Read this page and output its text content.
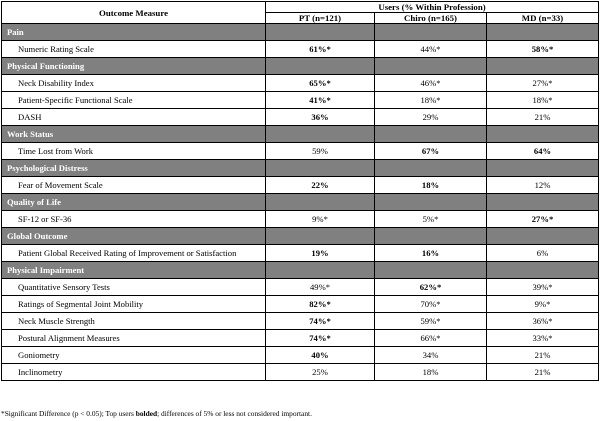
Outcome Measure	Users (% Within Profession)		
	PT (n=121)	Chiro (n=165)	MD (n=33)
Pain			
Numeric Rating Scale	61%*	44%*	58%*
Physical Functioning			
Neck Disability Index	65%*	46%*	27%*
Patient-Specific Functional Scale	41%*	18%*	18%*
DASH	36%	29%	21%
Work Status			
Time Lost from Work	59%	67%	64%
Psychological Distress			
Fear of Movement Scale	22%	18%	12%
Quality of Life			
SF-12 or SF-36	9%*	5%*	27%*
Global Outcome			
Patient Global Received Rating of Improvement or Satisfaction	19%	16%	6%
Physical Impairment			
Quantitative Sensory Tests	49%*	62%*	39%*
Ratings of Segmental Joint Mobility	82%*	70%*	9%*
Neck Muscle Strength	74%*	59%*	36%*
Postural Alignment Measures	74%*	66%*	33%*
Goniometry	40%	34%	21%
Inclinometry	25%	18%	21%
*Significant Difference (p < 0.05); Top users bolded; differences of 5% or less not considered important.
